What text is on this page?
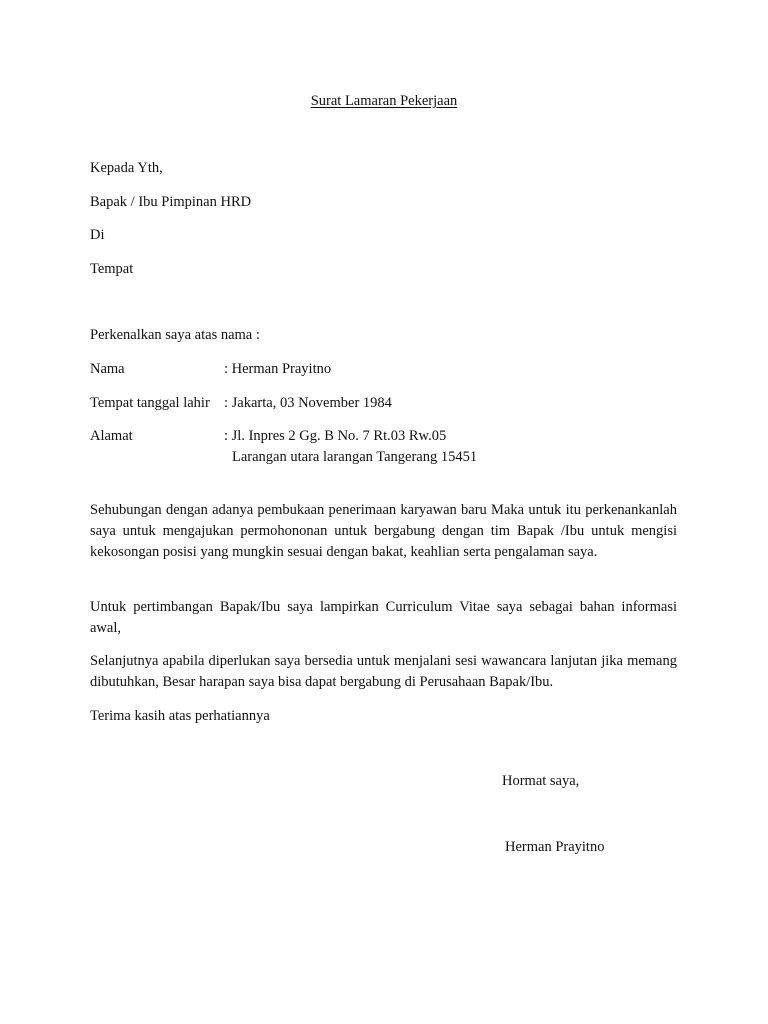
Surat Lamaran Pekerjaan
Kepada Yth,
Bapak / Ibu Pimpinan HRD
Di
Tempat
Perkenalkan saya atas nama :
Nama	: Herman Prayitno
Tempat tanggal lahir : Jakarta, 03 November 1984
Alamat	: Jl. Inpres 2 Gg. B No. 7 Rt.03 Rw.05
Larangan utara larangan Tangerang 15451
Sehubungan dengan adanya pembukaan penerimaan karyawan baru Maka untuk itu perkenankanlah saya untuk mengajukan permohononan untuk bergabung dengan tim Bapak /Ibu untuk mengisi kekosongan posisi yang mungkin sesuai dengan bakat, keahlian serta pengalaman saya.
Untuk pertimbangan Bapak/Ibu saya lampirkan Curriculum Vitae saya sebagai bahan informasi awal,
Selanjutnya apabila diperlukan saya bersedia untuk menjalani sesi wawancara lanjutan jika memang dibutuhkan, Besar harapan saya bisa dapat bergabung di Perusahaan Bapak/Ibu.
Terima kasih atas perhatiannya
Hormat saya,
Herman Prayitno
